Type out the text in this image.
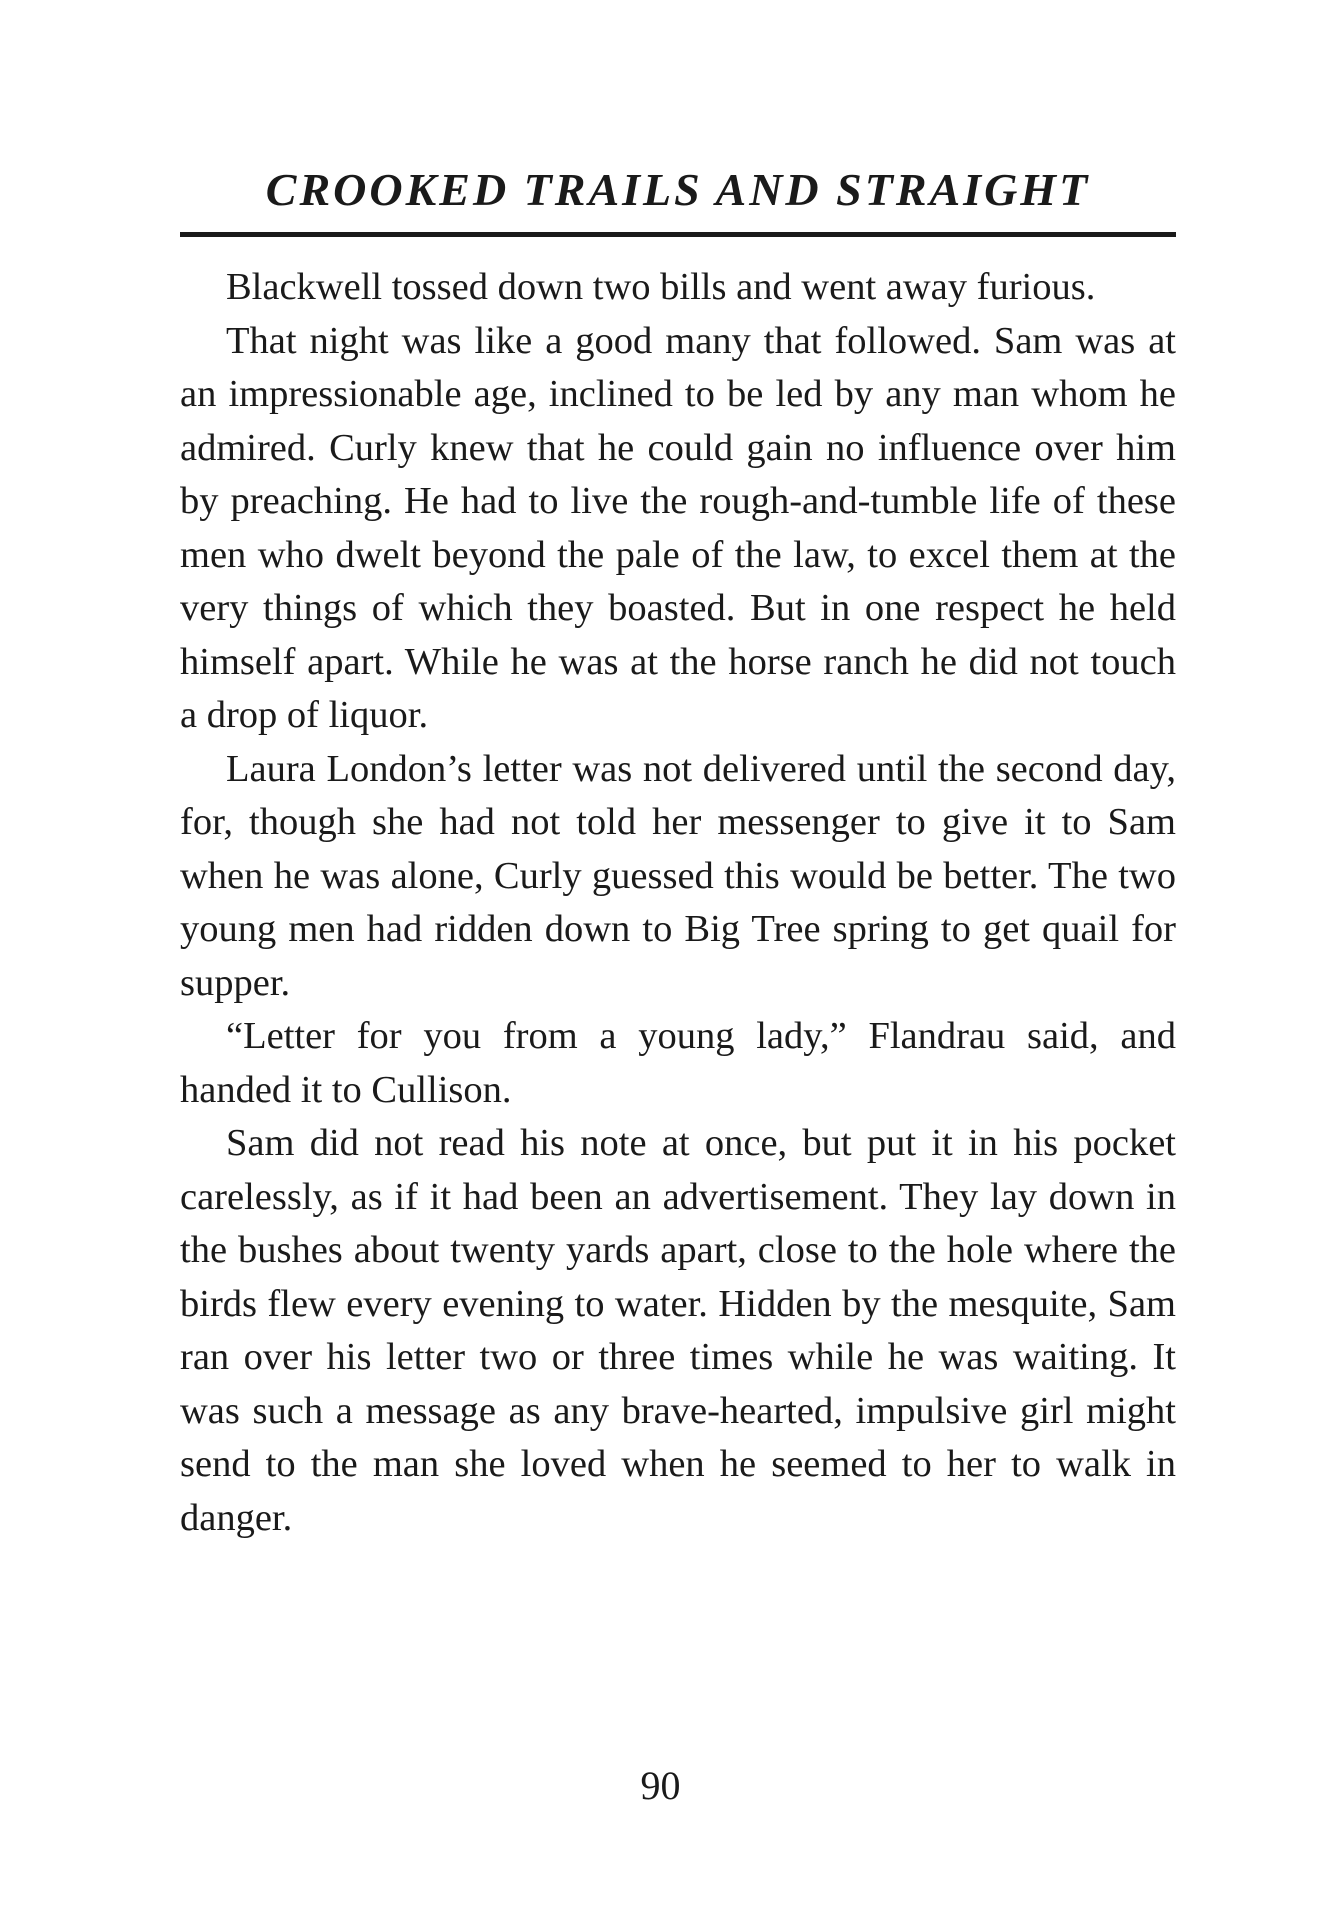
CROOKED TRAILS AND STRAIGHT

Blackwell tossed down two bills and went away furious.

That night was like a good many that followed. Sam was at an impressionable age, inclined to be led by any man whom he admired. Curly knew that he could gain no influence over him by preaching. He had to live the rough-and-tumble life of these men who dwelt beyond the pale of the law, to excel them at the very things of which they boasted. But in one respect he held himself apart. While he was at the horse ranch he did not touch a drop of liquor.

Laura London’s letter was not delivered until the second day, for, though she had not told her messenger to give it to Sam when he was alone, Curly guessed this would be better. The two young men had ridden down to Big Tree spring to get quail for supper.

“Letter for you from a young lady,” Flandrau said, and handed it to Cullison.

Sam did not read his note at once, but put it in his pocket carelessly, as if it had been an advertisement. They lay down in the bushes about twenty yards apart, close to the hole where the birds flew every evening to water. Hidden by the mesquite, Sam ran over his letter two or three times while he was waiting. It was such a message as any brave-hearted, impulsive girl might send to the man she loved when he seemed to her to walk in danger.

90
